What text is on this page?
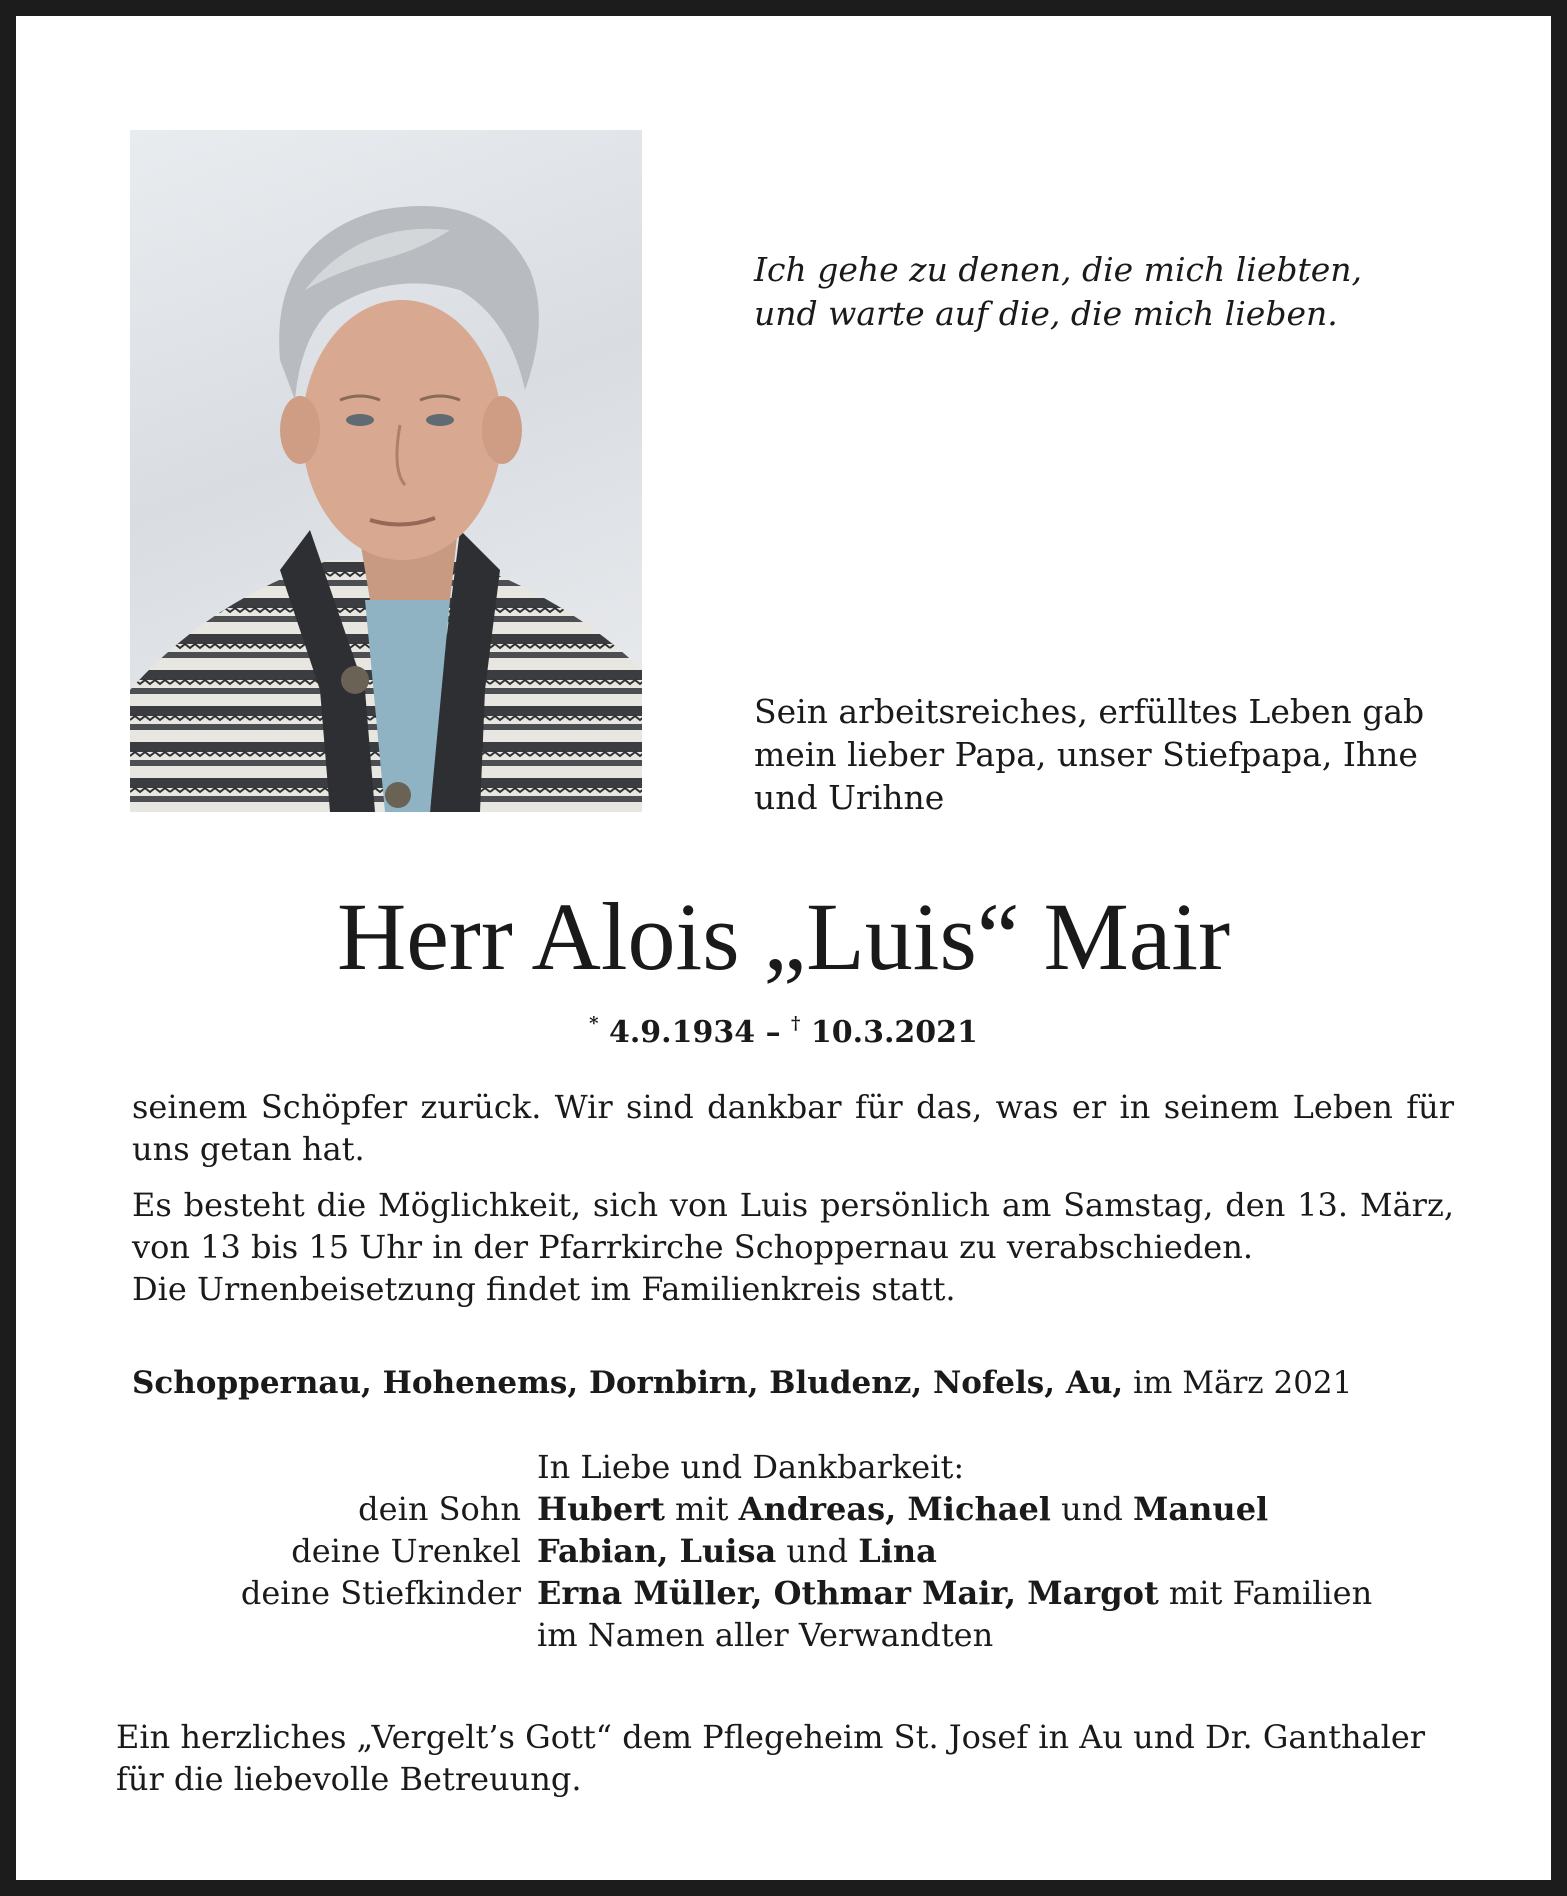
Ich gehe zu denen, die mich liebten,
und warte auf die, die mich lieben.
Sein arbeitsreiches, erfülltes Leben gab
mein lieber Papa, unser Stiefpapa, Ihne
und Urihne
Herr Alois „Luis“ Mair
* 4.9.1934 – † 10.3.2021

seinem Schöpfer zurück. Wir sind dankbar für das, was er in seinem Leben für uns getan hat.

Es besteht die Möglichkeit, sich von Luis persönlich am Samstag, den 13. März, von 13 bis 15 Uhr in der Pfarrkirche Schoppernau zu verabschieden.

Die Urnenbeisetzung findet im Familienkreis statt.

Schoppernau, Hohenems, Dornbirn, Bludenz, Nofels, Au, im März 2021
In Liebe und Dankbarkeit:
dein Sohn Hubert mit Andreas, Michael und Manuel
deine Urenkel Fabian, Luisa und Lina
deine Stiefkinder Erna Müller, Othmar Mair, Margot mit Familien
im Namen aller Verwandten
Ein herzliches „Vergelt’s Gott“ dem Pflegeheim St. Josef in Au und Dr. Ganthaler
für die liebevolle Betreuung.
